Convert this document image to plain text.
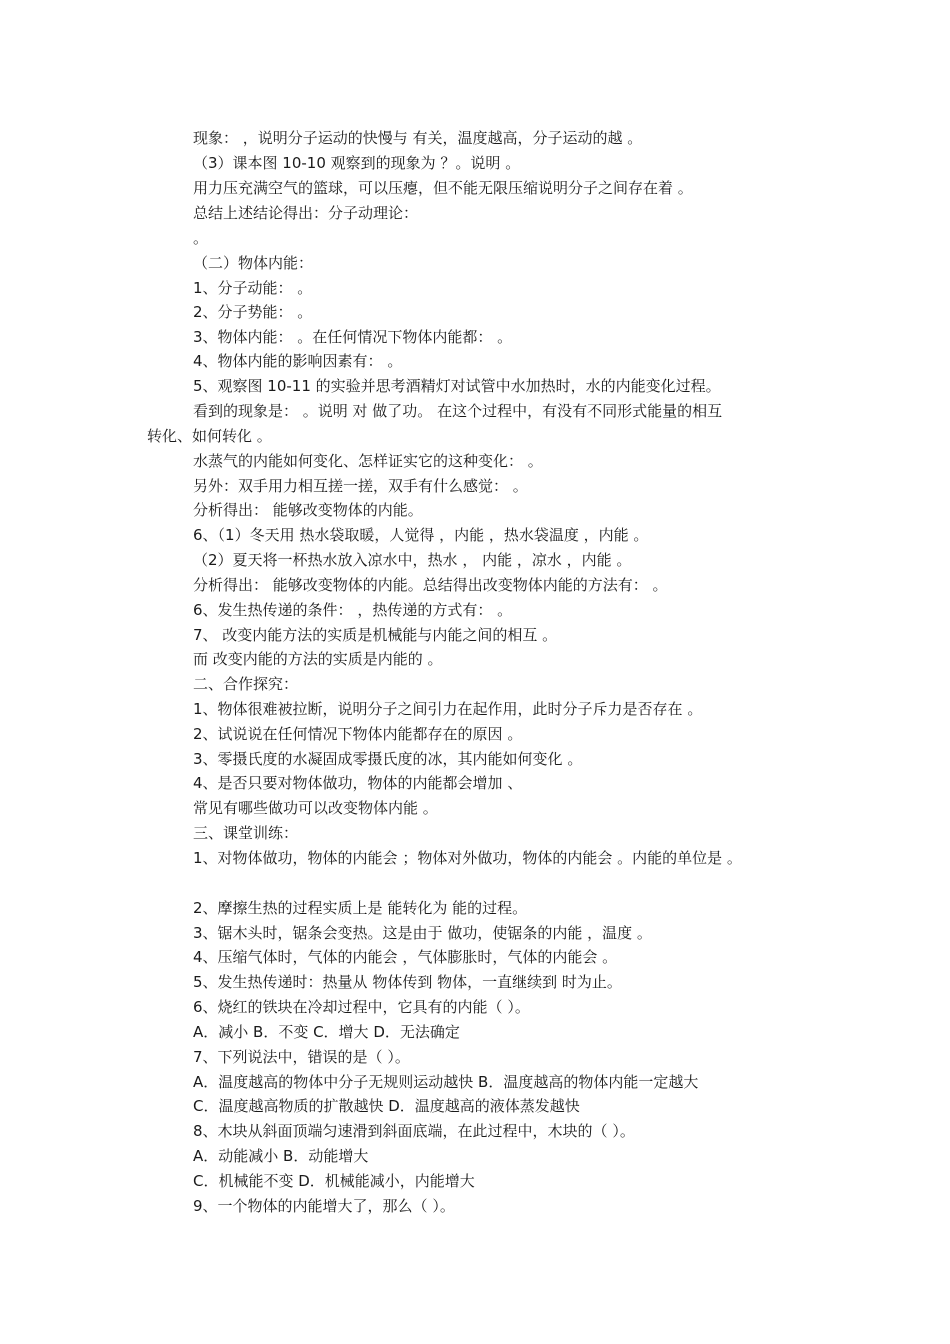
现象： ，说明分子运动的快慢与 有关，温度越高，分子运动的越 。
（3）课本图 10-10 观察到的现象为 ？。说明 。
用力压充满空气的篮球，可以压瘪，但不能无限压缩说明分子之间存在着 。
总结上述结论得出：分子动理论：
。
（二）物体内能：
1、分子动能： 。
2、分子势能： 。
3、物体内能： 。在任何情况下物体内能都： 。
4、物体内能的影响因素有： 。
5、观察图 10-11 的实验并思考酒精灯对试管中水加热时，水的内能变化过程。
看到的现象是： 。说明 对 做了功。 在这个过程中，有没有不同形式能量的相互
转化、如何转化 。
水蒸气的内能如何变化、怎样证实它的这种变化： 。
另外：双手用力相互搓一搓，双手有什么感觉： 。
分析得出： 能够改变物体的内能。
6、（1）冬天用 热水袋取暖，人觉得 ，内能 ，热水袋温度 ，内能 。
（2）夏天将一杯热水放入凉水中，热水 ， 内能 ，凉水 ，内能 。
分析得出： 能够改变物体的内能。总结得出改变物体内能的方法有： 。
6、发生热传递的条件： ，热传递的方式有： 。
7、 改变内能方法的实质是机械能与内能之间的相互 。
而 改变内能的方法的实质是内能的 。
二、合作探究：
1、物体很难被拉断，说明分子之间引力在起作用，此时分子斥力是否存在 。
2、试说说在任何情况下物体内能都存在的原因 。
3、零摄氏度的水凝固成零摄氏度的冰，其内能如何变化 。
4、是否只要对物体做功，物体的内能都会增加 、
常见有哪些做功可以改变物体内能 。
三、课堂训练：
1、对物体做功，物体的内能会 ；物体对外做功，物体的内能会 。内能的单位是 。
2、摩擦生热的过程实质上是 能转化为 能的过程。
3、锯木头时，锯条会变热。这是由于 做功，使锯条的内能 ，温度 。
4、压缩气体时，气体的内能会 ，气体膨胀时，气体的内能会 。
5、发生热传递时：热量从 物体传到 物体，一直继续到 时为止。
6、烧红的铁块在冷却过程中，它具有的内能（ ）。
A．减小 B．不变 C．增大 D．无法确定
7、下列说法中，错误的是（ ）。
A．温度越高的物体中分子无规则运动越快 B．温度越高的物体内能一定越大
C．温度越高物质的扩散越快 D．温度越高的液体蒸发越快
8、木块从斜面顶端匀速滑到斜面底端，在此过程中，木块的（ ）。
A．动能减小 B．动能增大
C．机械能不变 D．机械能减小，内能增大
9、一个物体的内能增大了，那么（ ）。
